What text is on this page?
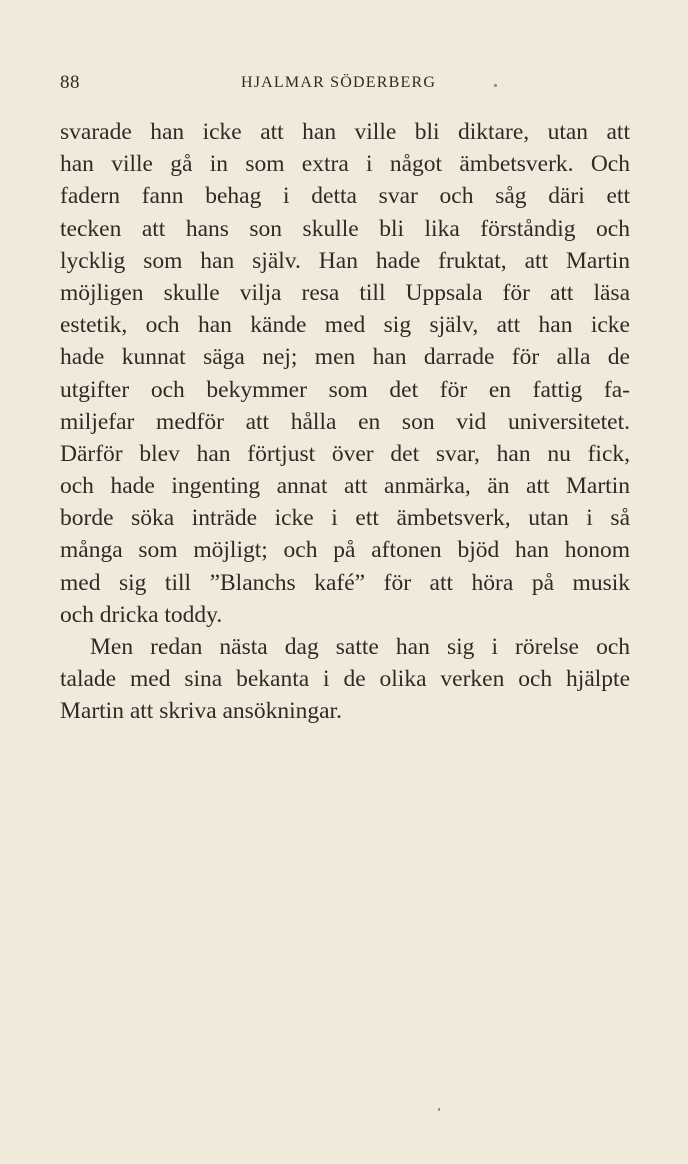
88	HJALMAR SÖDERBERG
svarade han icke att han ville bli diktare, utan att
han ville gå in som extra i något ämbetsverk. Och
fadern fann behag i detta svar och såg däri ett
tecken att hans son skulle bli lika förståndig och
lycklig som han själv. Han hade fruktat, att Martin
möjligen skulle vilja resa till Uppsala för att läsa
estetik, och han kände med sig själv, att han icke
hade kunnat säga nej; men han darrade för alla de
utgifter och bekymmer som det för en fattig fa-
miljefar medför att hålla en son vid universitetet.
Därför blev han förtjust över det svar, han nu fick,
och hade ingenting annat att anmärka, än att Martin
borde söka inträde icke i ett ämbetsverk, utan i så
många som möjligt; och på aftonen bjöd han honom
med sig till ”Blanchs kafé” för att höra på musik
och dricka toddy.
Men redan nästa dag satte han sig i rörelse och
talade med sina bekanta i de olika verken och hjälpte
Martin att skriva ansökningar.
